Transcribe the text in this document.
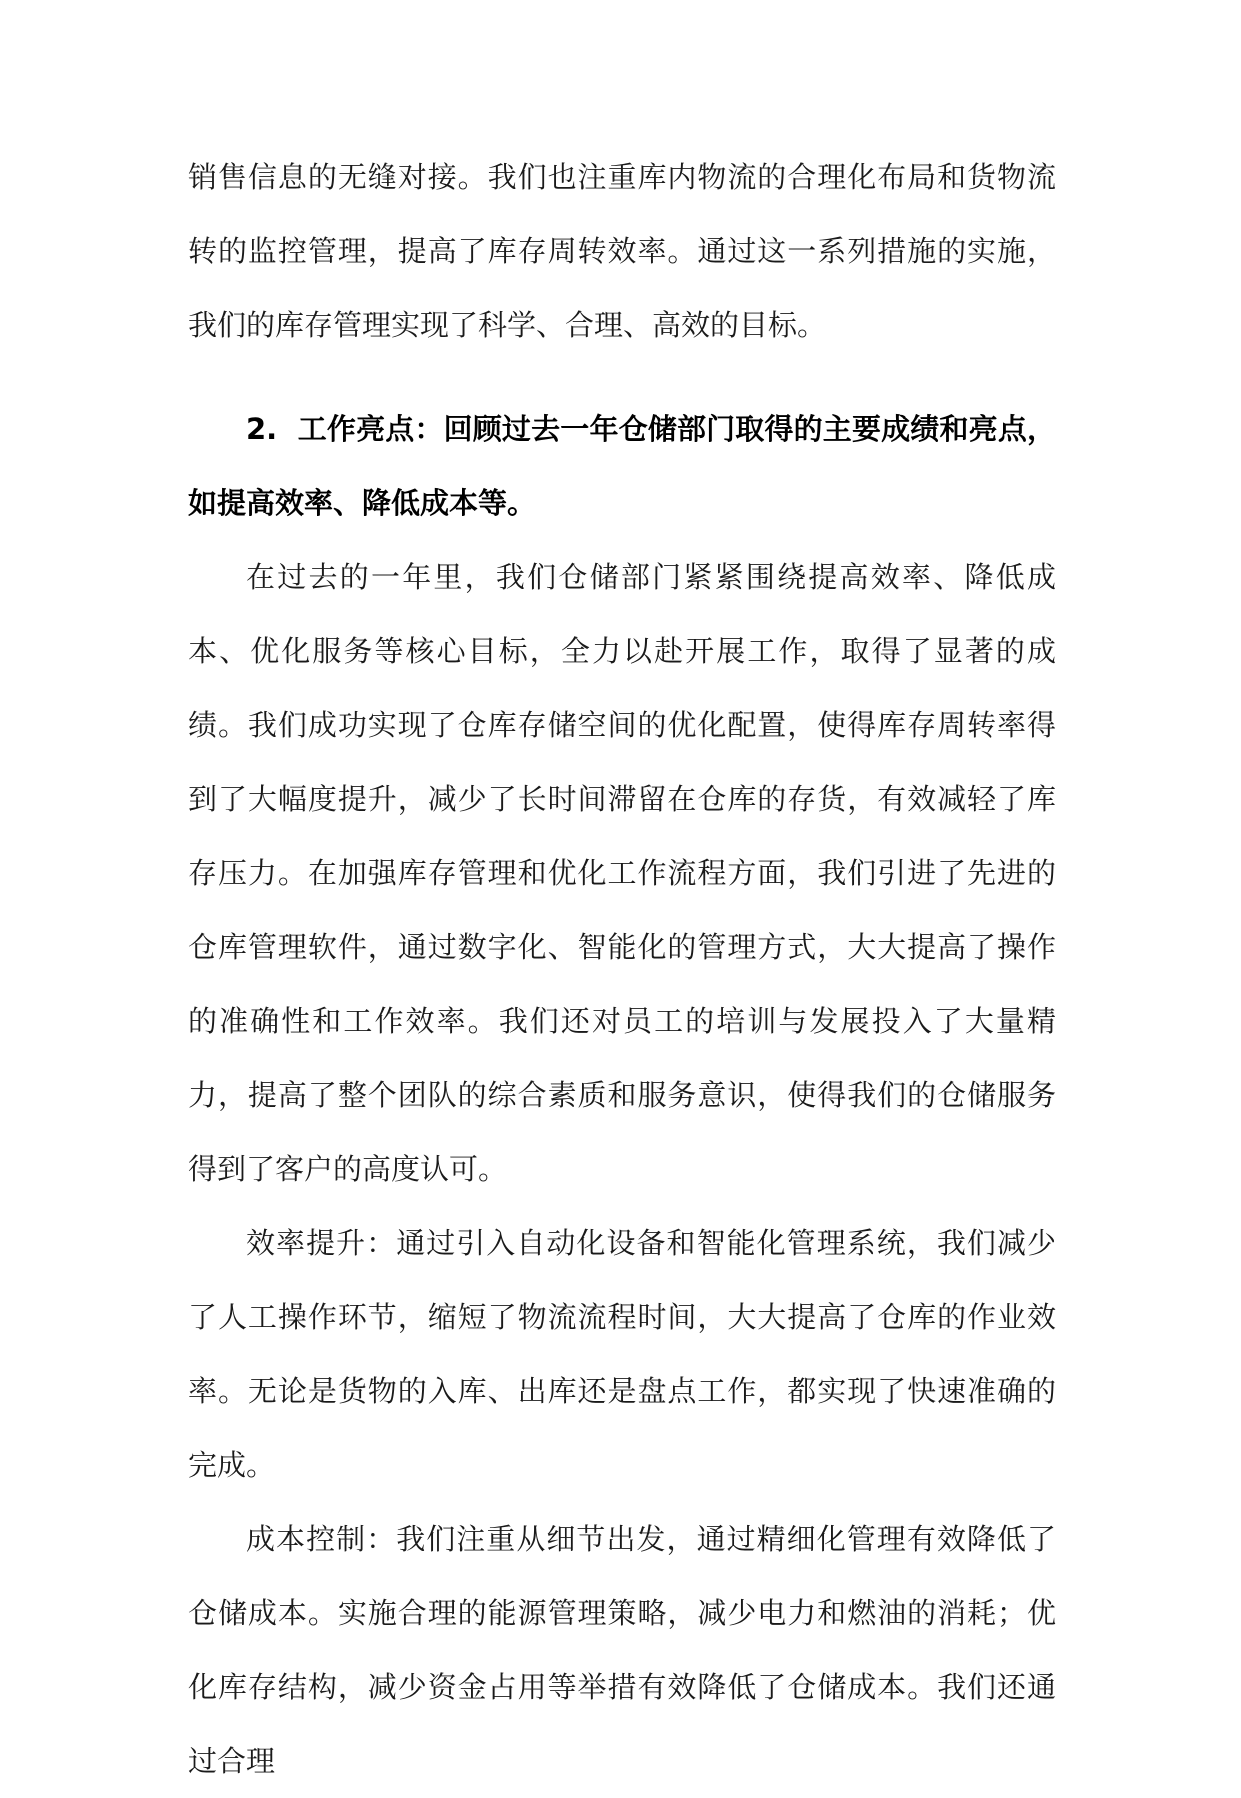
销售信息的无缝对接。我们也注重库内物流的合理化布局和货物流转的监控管理，提高了库存周转效率。通过这一系列措施的实施，我们的库存管理实现了科学、合理、高效的目标。

2. 工作亮点：回顾过去一年仓储部门取得的主要成绩和亮点，如提高效率、降低成本等。

在过去的一年里，我们仓储部门紧紧围绕提高效率、降低成本、优化服务等核心目标，全力以赴开展工作，取得了显著的成绩。我们成功实现了仓库存储空间的优化配置，使得库存周转率得到了大幅度提升，减少了长时间滞留在仓库的存货，有效减轻了库存压力。在加强库存管理和优化工作流程方面，我们引进了先进的仓库管理软件，通过数字化、智能化的管理方式，大大提高了操作的准确性和工作效率。我们还对员工的培训与发展投入了大量精力，提高了整个团队的综合素质和服务意识，使得我们的仓储服务得到了客户的高度认可。

效率提升：通过引入自动化设备和智能化管理系统，我们减少了人工操作环节，缩短了物流流程时间，大大提高了仓库的作业效率。无论是货物的入库、出库还是盘点工作，都实现了快速准确的完成。

成本控制：我们注重从细节出发，通过精细化管理有效降低了仓储成本。实施合理的能源管理策略，减少电力和燃油的消耗；优化库存结构，减少资金占用等举措有效降低了仓储成本。我们还通过合理
